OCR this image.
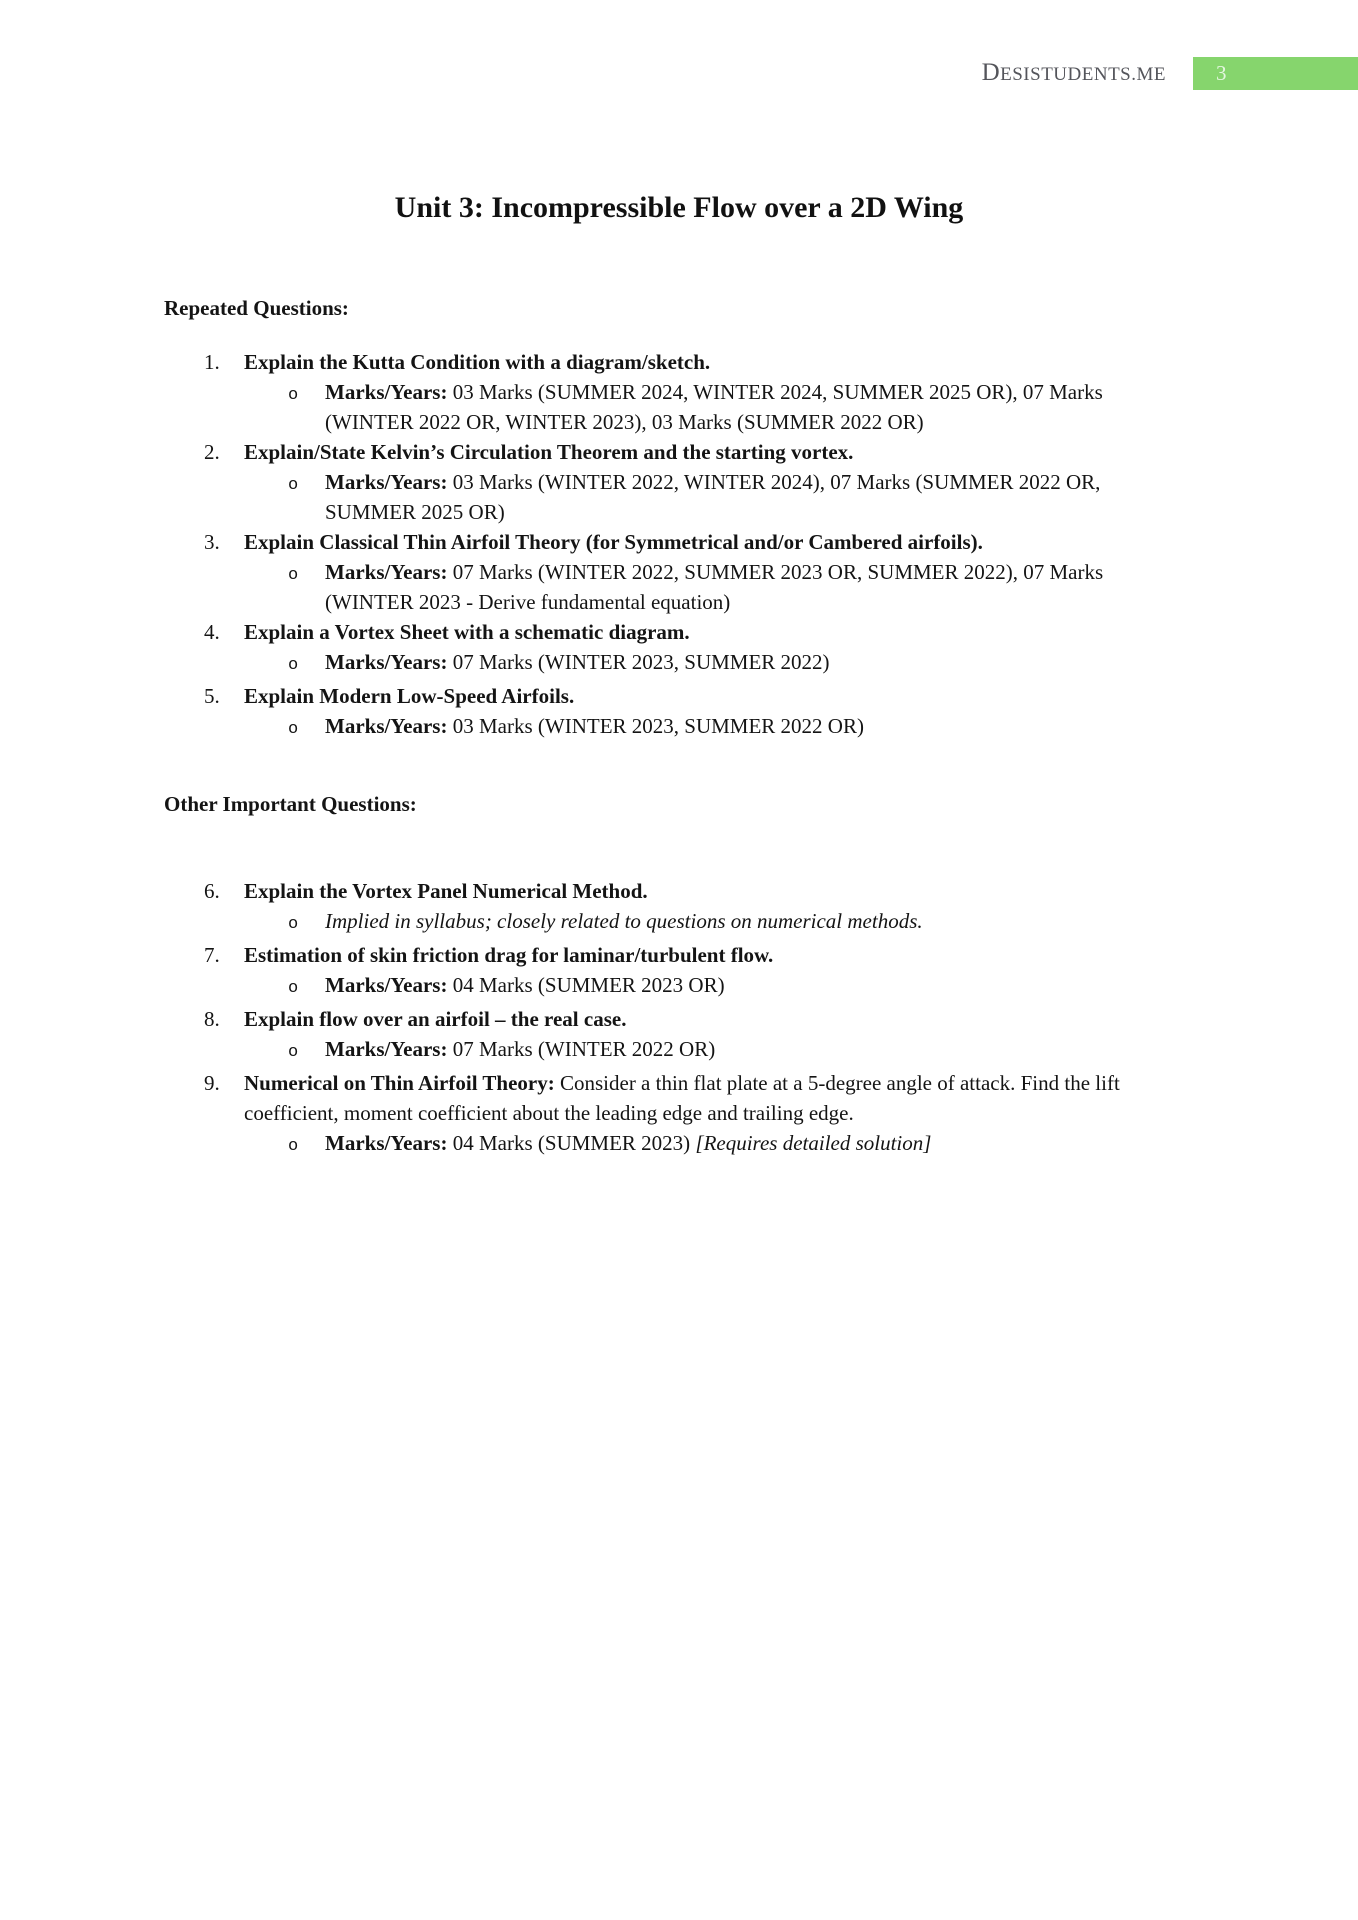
DESISTUDENTS.ME 3
Unit 3: Incompressible Flow over a 2D Wing
Repeated Questions:
1.	Explain the Kutta Condition with a diagram/sketch.
o	Marks/Years: 03 Marks (SUMMER 2024, WINTER 2024, SUMMER 2025 OR), 07 Marks (WINTER 2022 OR, WINTER 2023), 03 Marks (SUMMER 2022 OR)
2.	Explain/State Kelvin’s Circulation Theorem and the starting vortex.
o	Marks/Years: 03 Marks (WINTER 2022, WINTER 2024), 07 Marks (SUMMER 2022 OR, SUMMER 2025 OR)
3.	Explain Classical Thin Airfoil Theory (for Symmetrical and/or Cambered airfoils).
o	Marks/Years: 07 Marks (WINTER 2022, SUMMER 2023 OR, SUMMER 2022), 07 Marks (WINTER 2023 - Derive fundamental equation)
4.	Explain a Vortex Sheet with a schematic diagram.
o	Marks/Years: 07 Marks (WINTER 2023, SUMMER 2022)
5.	Explain Modern Low-Speed Airfoils.
o	Marks/Years: 03 Marks (WINTER 2023, SUMMER 2022 OR)
Other Important Questions:
6.	Explain the Vortex Panel Numerical Method.
o	Implied in syllabus; closely related to questions on numerical methods.
7.	Estimation of skin friction drag for laminar/turbulent flow.
o	Marks/Years: 04 Marks (SUMMER 2023 OR)
8.	Explain flow over an airfoil – the real case.
o	Marks/Years: 07 Marks (WINTER 2022 OR)
9.	Numerical on Thin Airfoil Theory: Consider a thin flat plate at a 5-degree angle of attack. Find the lift coefficient, moment coefficient about the leading edge and trailing edge.
o	Marks/Years: 04 Marks (SUMMER 2023) [Requires detailed solution]
